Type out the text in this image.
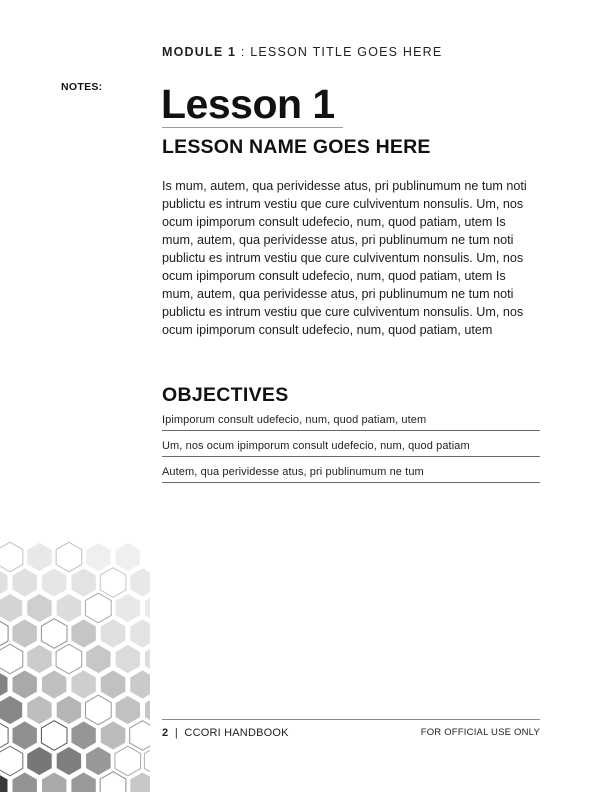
MODULE 1 : LESSON TITLE GOES HERE
NOTES: Lesson 1
LESSON NAME GOES HERE

Is mum, autem, qua perividesse atus, pri publinumum ne tum noti publictu es intrum vestiu que cure culviventum nonsulis. Um, nos ocum ipimporum consult udefecio, num, quod patiam, utem Is mum, autem, qua perividesse atus, pri publinumum ne tum noti publictu es intrum vestiu que cure culviventum nonsulis. Um, nos ocum ipimporum consult udefecio, num, quod patiam, utem Is mum, autem, qua perividesse atus, pri publinumum ne tum noti publictu es intrum vestiu que cure culviventum nonsulis. Um, nos ocum ipimporum consult udefecio, num, quod patiam, utem

OBJECTIVES
Ipimporum consult udefecio, num, quod patiam, utem
Um, nos ocum ipimporum consult udefecio, num, quod patiam
Autem, qua perividesse atus, pri publinumum ne tum
2  |  CCORI HANDBOOK	FOR OFFICIAL USE ONLY
